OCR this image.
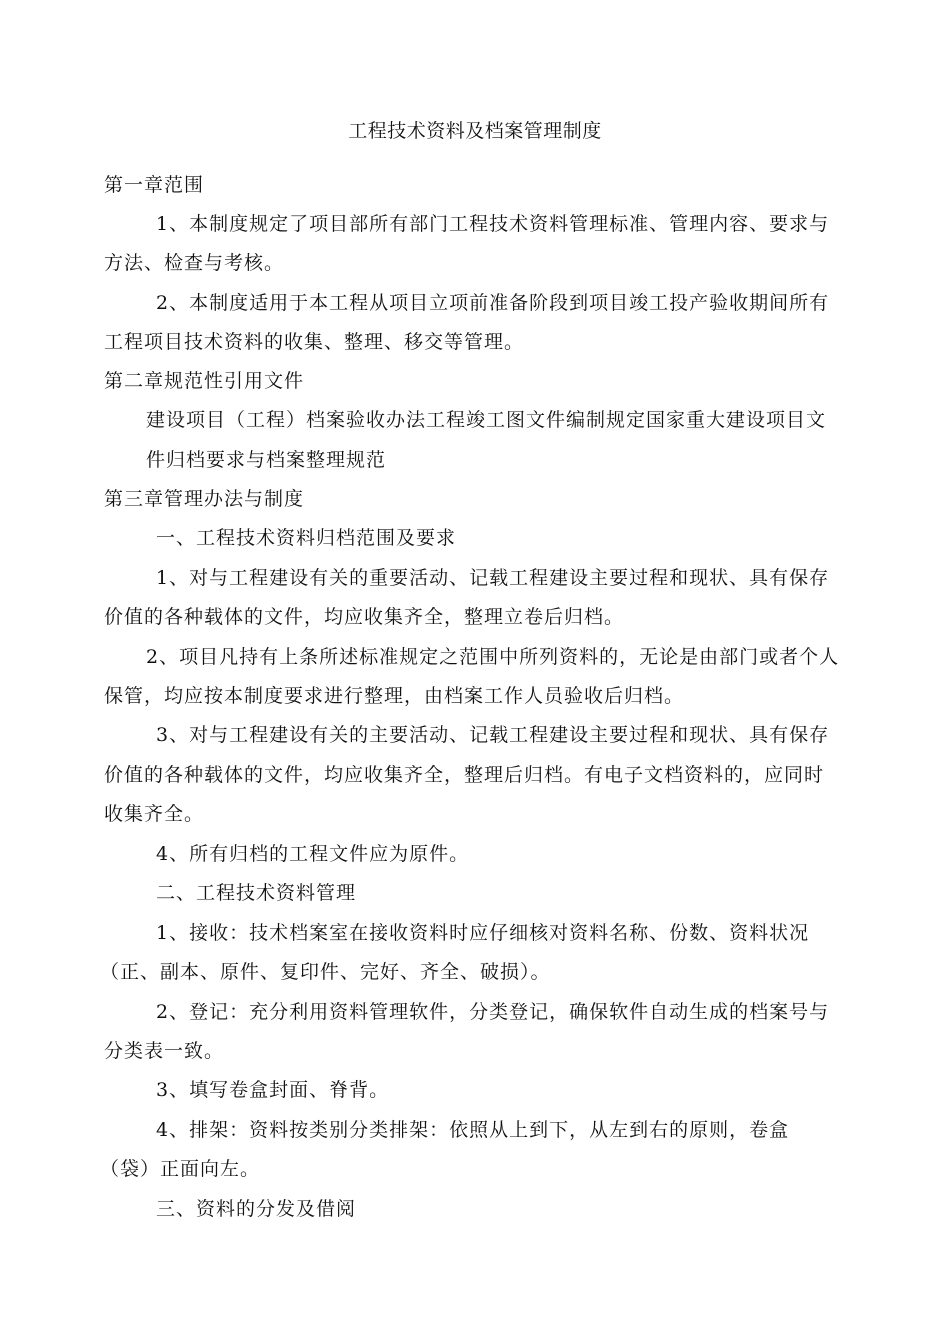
工程技术资料及档案管理制度
第一章范围
1、本制度规定了项目部所有部门工程技术资料管理标准、管理内容、要求与
方法、检查与考核。
2、本制度适用于本工程从项目立项前准备阶段到项目竣工投产验收期间所有
工程项目技术资料的收集、整理、移交等管理。
第二章规范性引用文件
建设项目（工程）档案验收办法工程竣工图文件编制规定国家重大建设项目文
件归档要求与档案整理规范
第三章管理办法与制度
一、工程技术资料归档范围及要求
1、对与工程建设有关的重要活动、记载工程建设主要过程和现状、具有保存
价值的各种载体的文件，均应收集齐全，整理立卷后归档。
2、项目凡持有上条所述标准规定之范围中所列资料的，无论是由部门或者个人
保管，均应按本制度要求进行整理，由档案工作人员验收后归档。
3、对与工程建设有关的主要活动、记载工程建设主要过程和现状、具有保存
价值的各种载体的文件，均应收集齐全，整理后归档。有电子文档资料的，应同时
收集齐全。
4、所有归档的工程文件应为原件。
二、工程技术资料管理
1、接收：技术档案室在接收资料时应仔细核对资料名称、份数、资料状况
（正、副本、原件、复印件、完好、齐全、破损）。
2、登记：充分利用资料管理软件，分类登记，确保软件自动生成的档案号与
分类表一致。
3、填写卷盒封面、脊背。
4、排架：资料按类别分类排架：依照从上到下，从左到右的原则，卷盒
（袋）正面向左。
三、资料的分发及借阅
